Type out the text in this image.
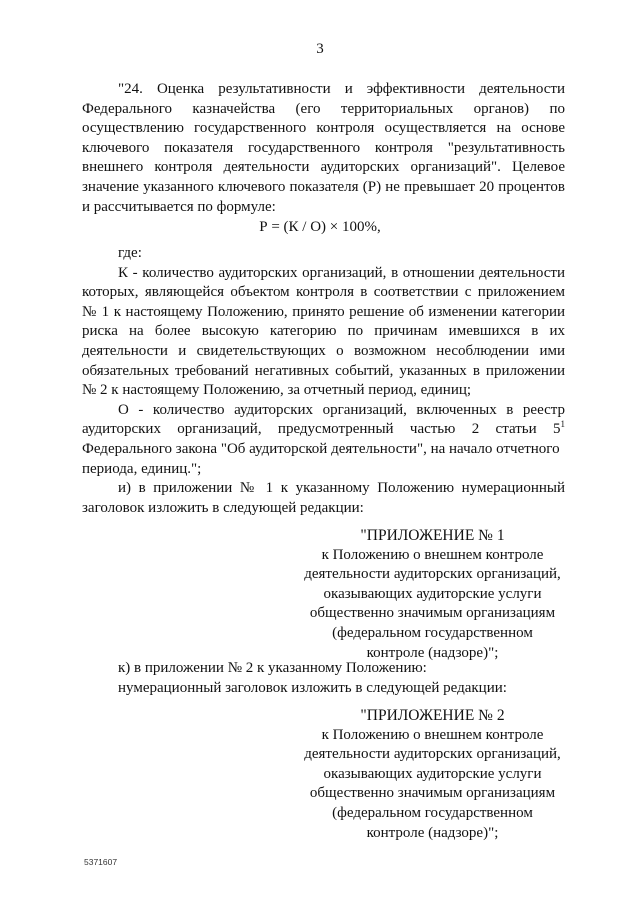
3
"24. Оценка результативности и эффективности деятельности
Федерального казначейства (его территориальных органов) по
осуществлению государственного контроля осуществляется на основе
ключевого показателя государственного контроля "результативность
внешнего контроля деятельности аудиторских организаций". Целевое
значение указанного ключевого показателя (Р) не превышает 20 процентов
и рассчитывается по формуле:
Р = (К / О) × 100%,
где:
К - количество аудиторских организаций, в отношении деятельности
которых, являющейся объектом контроля в соответствии с приложением
№ 1 к настоящему Положению, принято решение об изменении категории
риска на более высокую категорию по причинам имевшихся в их
деятельности и свидетельствующих о возможном несоблюдении ими
обязательных требований негативных событий, указанных в приложении
№ 2 к настоящему Положению, за отчетный период, единиц;
О - количество аудиторских организаций, включенных в реестр
аудиторских организаций, предусмотренный частью 2 статьи $5^1$
Федерального закона "Об аудиторской деятельности", на начало отчетного
периода, единиц.";
и) в приложении № 1 к указанному Положению нумерационный
заголовок изложить в следующей редакции:
"ПРИЛОЖЕНИЕ № 1
к Положению о внешнем контроле
деятельности аудиторских организаций,
оказывающих аудиторские услуги
общественно значимым организациям
(федеральном государственном
контроле (надзоре)";
к) в приложении № 2 к указанному Положению:
нумерационный заголовок изложить в следующей редакции:
"ПРИЛОЖЕНИЕ № 2
к Положению о внешнем контроле
деятельности аудиторских организаций,
оказывающих аудиторские услуги
общественно значимым организациям
(федеральном государственном
контроле (надзоре)";
5371607
